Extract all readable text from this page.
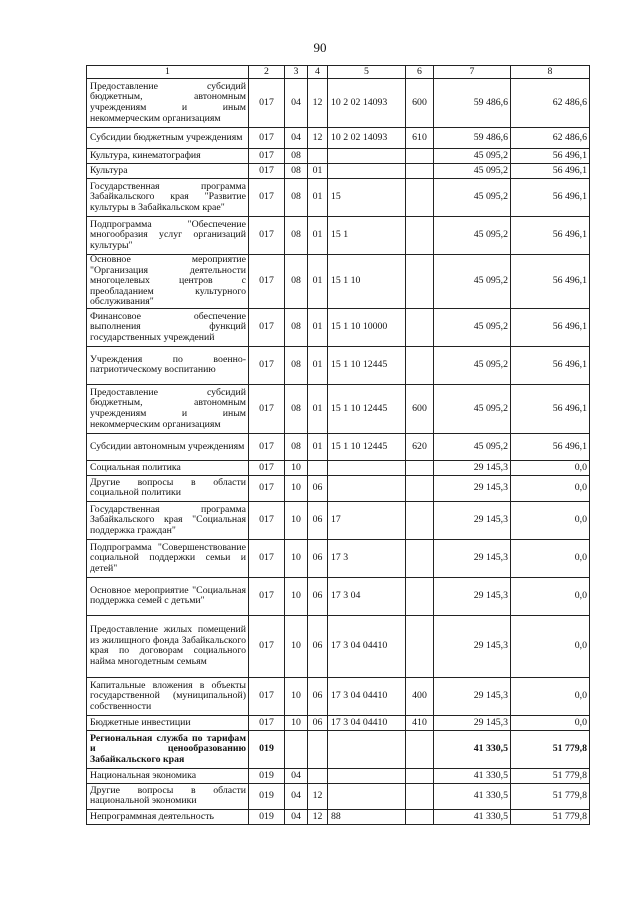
90
1	2	3	4	5	6	7	8
Предоставление субсидий бюджетным, автономным учреждениям и иным некоммерческим организациям	017	04	12	10 2 02 14093	600	59 486,6	62 486,6
Субсидии бюджетным учреждениям	017	04	12	10 2 02 14093	610	59 486,6	62 486,6
Культура, кинематография	017	08				45 095,2	56 496,1
Культура	017	08	01			45 095,2	56 496,1
Государственная программа Забайкальского края "Развитие культуры в Забайкальском крае"	017	08	01	15		45 095,2	56 496,1
Подпрограмма "Обеспечение многообразия услуг организаций культуры"	017	08	01	15 1		45 095,2	56 496,1
Основное мероприятие "Организация деятельности многоцелевых центров с преобладанием культурного обслуживания"	017	08	01	15 1 10		45 095,2	56 496,1
Финансовое обеспечение выполнения функций государственных учреждений	017	08	01	15 1 10 10000		45 095,2	56 496,1
Учреждения по военно-патриотическому воспитанию	017	08	01	15 1 10 12445		45 095,2	56 496,1
Предоставление субсидий бюджетным, автономным учреждениям и иным некоммерческим организациям	017	08	01	15 1 10 12445	600	45 095,2	56 496,1
Субсидии автономным учреждениям	017	08	01	15 1 10 12445	620	45 095,2	56 496,1
Социальная политика	017	10				29 145,3	0,0
Другие вопросы в области социальной политики	017	10	06			29 145,3	0,0
Государственная программа Забайкальского края "Социальная поддержка граждан"	017	10	06	17		29 145,3	0,0
Подпрограмма "Совершенствование социальной поддержки семьи и детей"	017	10	06	17 3		29 145,3	0,0
Основное мероприятие "Социальная поддержка семей с детьми"	017	10	06	17 3 04		29 145,3	0,0
Предоставление жилых помещений из жилищного фонда Забайкальского края по договорам социального найма многодетным семьям	017	10	06	17 3 04 04410		29 145,3	0,0
Капитальные вложения в объекты государственной (муниципальной) собственности	017	10	06	17 3 04 04410	400	29 145,3	0,0
Бюджетные инвестиции	017	10	06	17 3 04 04410	410	29 145,3	0,0
Региональная служба по тарифам и ценообразованию Забайкальского края	019					41 330,5	51 779,8
Национальная экономика	019	04				41 330,5	51 779,8
Другие вопросы в области национальной экономики	019	04	12			41 330,5	51 779,8
Непрограммная деятельность	019	04	12	88		41 330,5	51 779,8
